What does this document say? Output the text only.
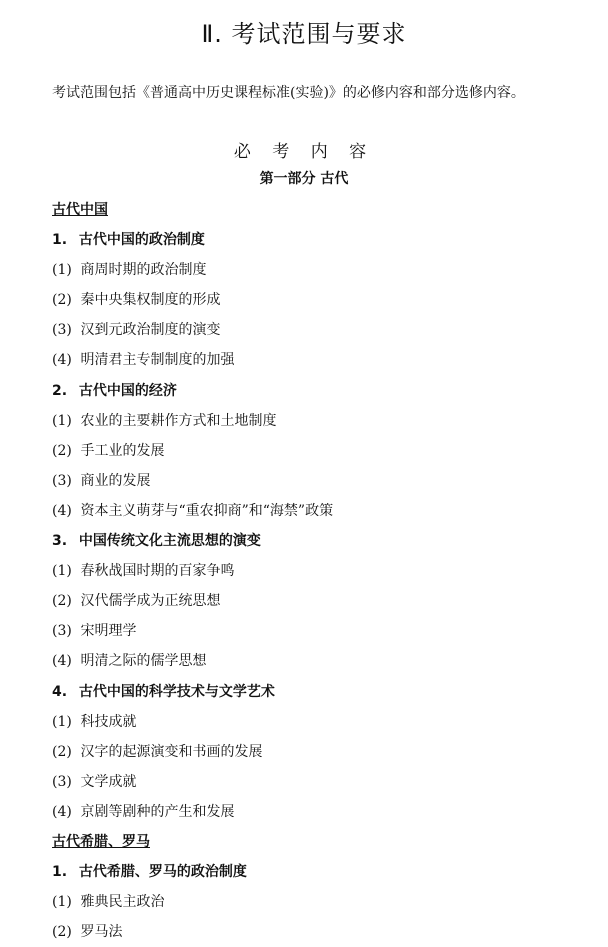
Ⅱ. 考试范围与要求
考试范围包括《普通高中历史课程标准(实验)》的必修内容和部分选修内容。
必 考 内 容
第一部分 古代
古代中国
1. 古代中国的政治制度
(1) 商周时期的政治制度
(2) 秦中央集权制度的形成
(3) 汉到元政治制度的演变
(4) 明清君主专制制度的加强
2. 古代中国的经济
(1) 农业的主要耕作方式和土地制度
(2) 手工业的发展
(3) 商业的发展
(4) 资本主义萌芽与“重农抑商”和“海禁”政策
3. 中国传统文化主流思想的演变
(1) 春秋战国时期的百家争鸣
(2) 汉代儒学成为正统思想
(3) 宋明理学
(4) 明清之际的儒学思想
4. 古代中国的科学技术与文学艺术
(1) 科技成就
(2) 汉字的起源演变和书画的发展
(3) 文学成就
(4) 京剧等剧种的产生和发展
古代希腊、罗马
1. 古代希腊、罗马的政治制度
(1) 雅典民主政治
(2) 罗马法
